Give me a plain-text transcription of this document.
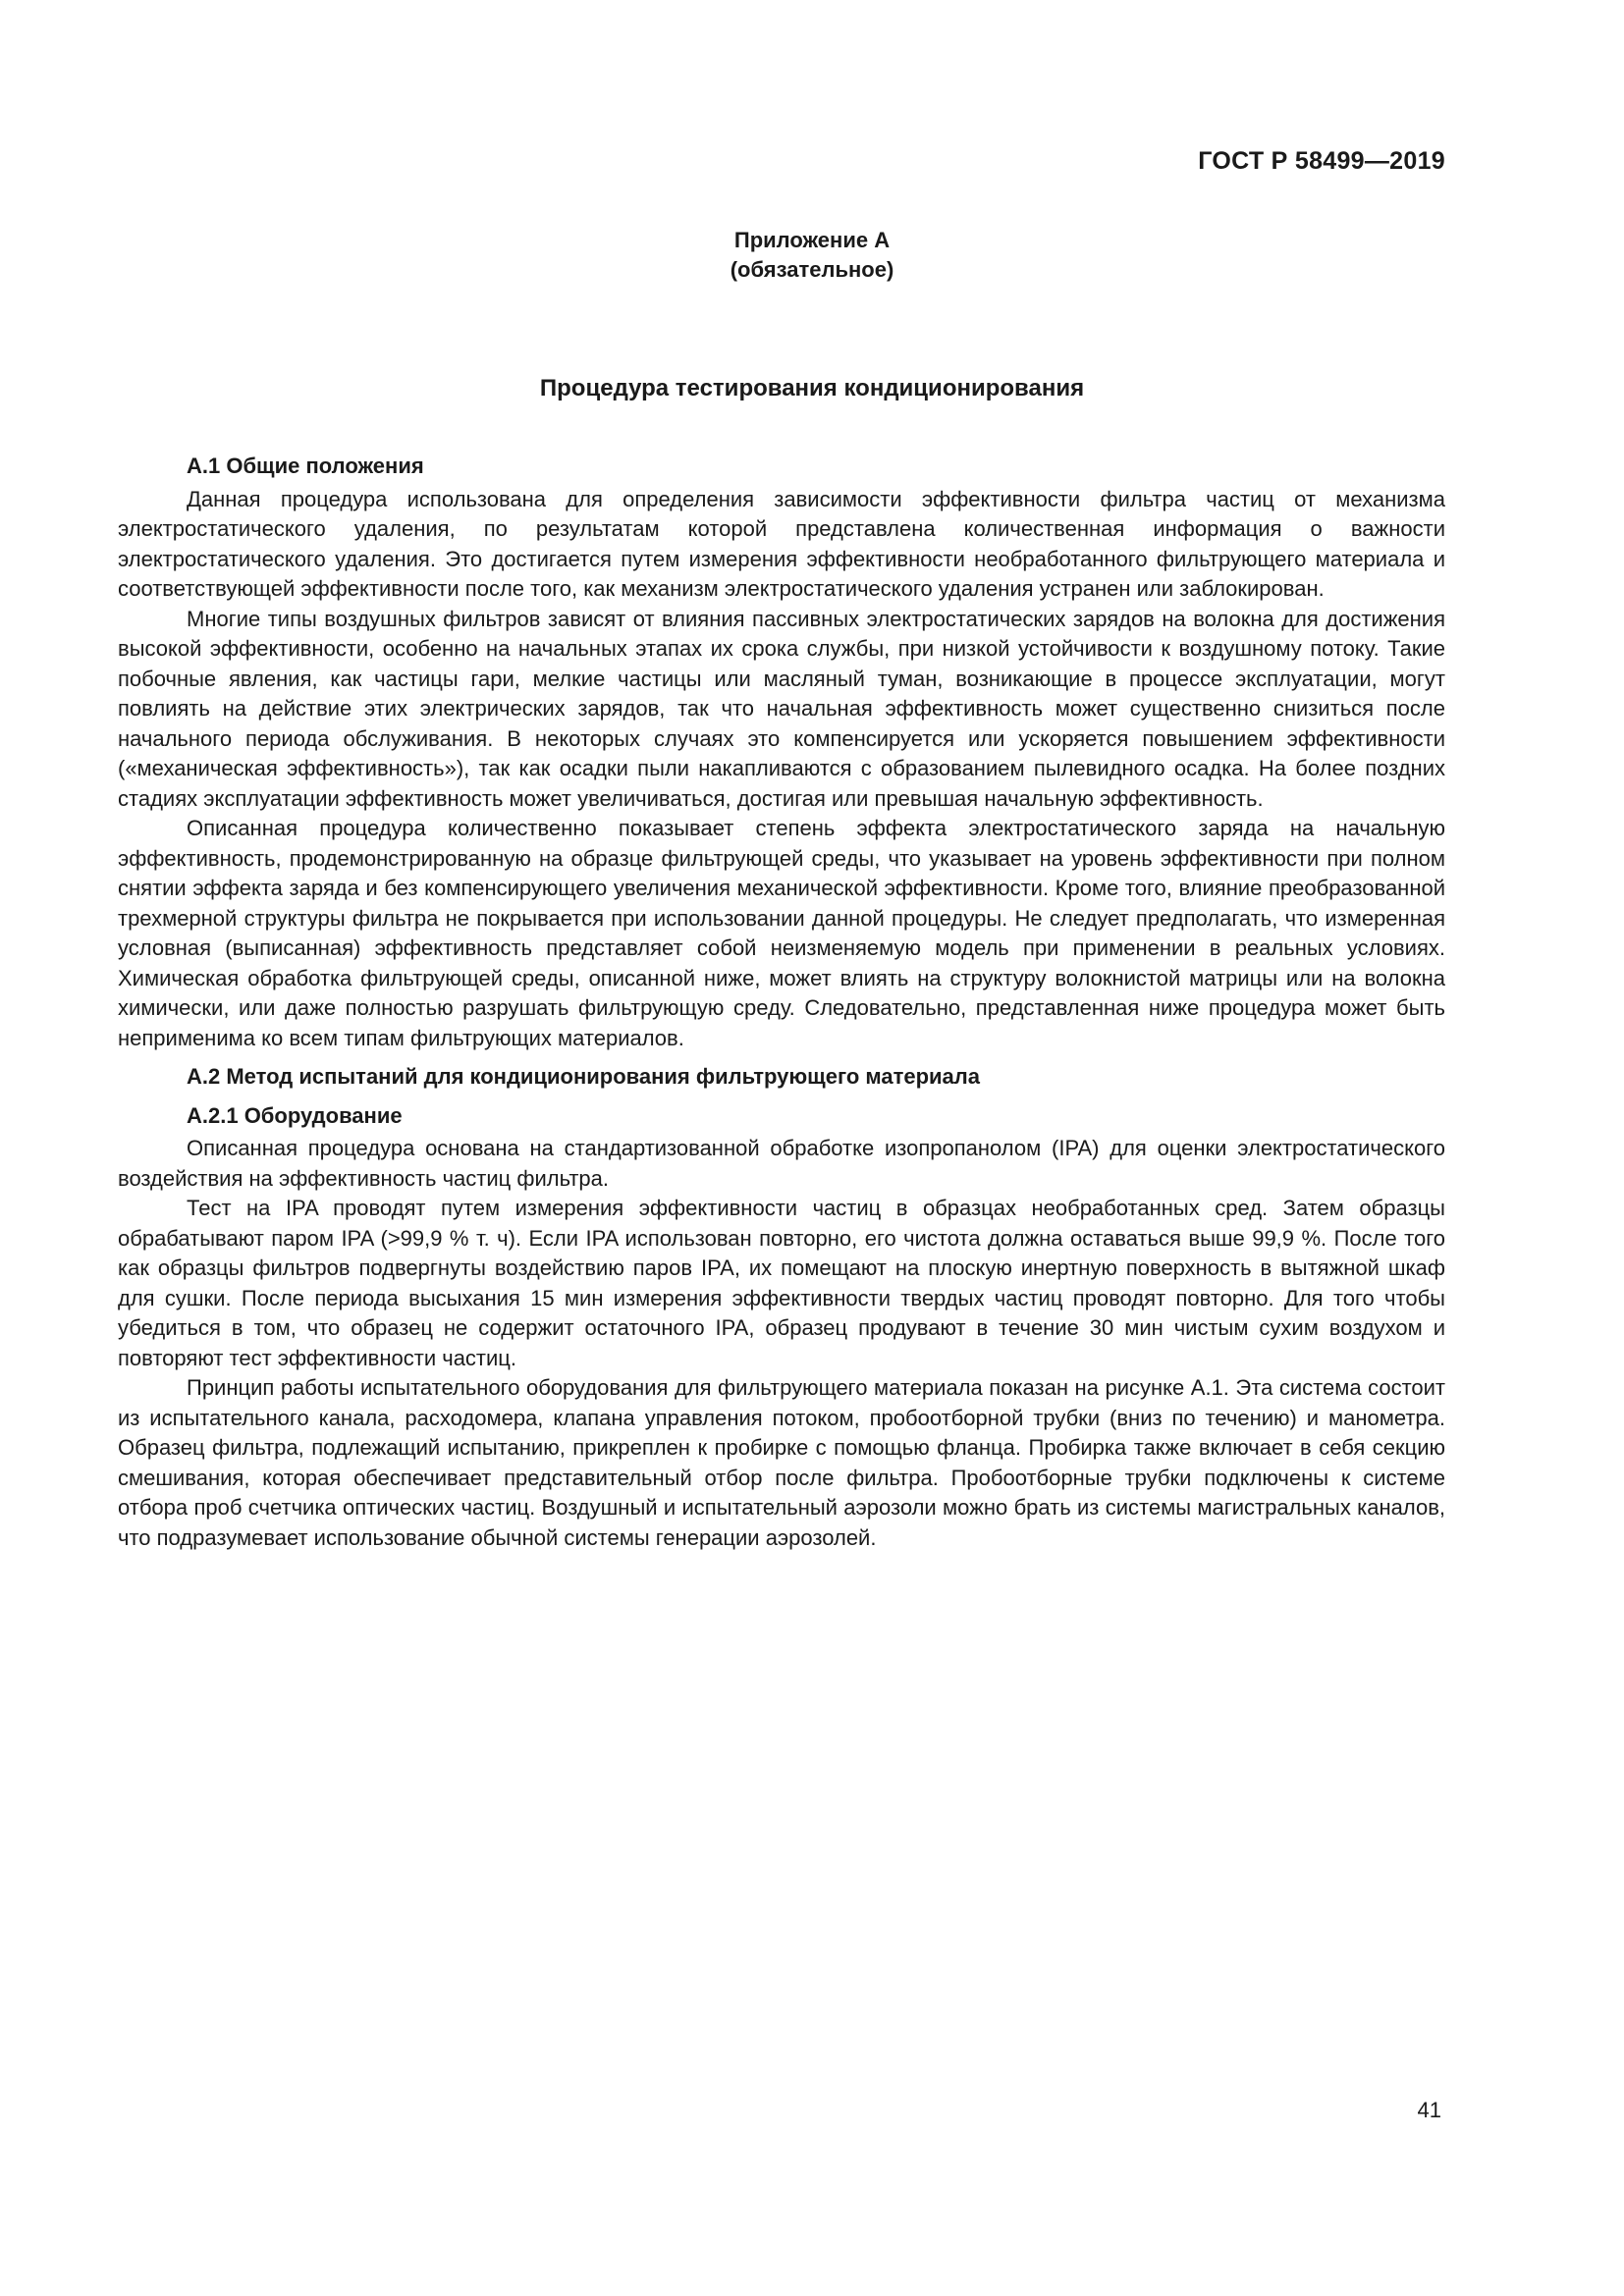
ГОСТ Р 58499—2019
Приложение А
(обязательное)
Процедура тестирования кондиционирования

А.1 Общие положения

Данная процедура использована для определения зависимости эффективности фильтра частиц от механизма электростатического удаления, по результатам которой представлена количественная информация о важности электростатического удаления. Это достигается путем измерения эффективности необработанного фильтрующего материала и соответствующей эффективности после того, как механизм электростатического удаления устранен или заблокирован.

Многие типы воздушных фильтров зависят от влияния пассивных электростатических зарядов на волокна для достижения высокой эффективности, особенно на начальных этапах их срока службы, при низкой устойчивости к воздушному потоку. Такие побочные явления, как частицы гари, мелкие частицы или масляный туман, возникающие в процессе эксплуатации, могут повлиять на действие этих электрических зарядов, так что начальная эффективность может существенно снизиться после начального периода обслуживания. В некоторых случаях это компенсируется или ускоряется повышением эффективности («механическая эффективность»), так как осадки пыли накапливаются с образованием пылевидного осадка. На более поздних стадиях эксплуатации эффективность может увеличиваться, достигая или превышая начальную эффективность.

Описанная процедура количественно показывает степень эффекта электростатического заряда на начальную эффективность, продемонстрированную на образце фильтрующей среды, что указывает на уровень эффективности при полном снятии эффекта заряда и без компенсирующего увеличения механической эффективности. Кроме того, влияние преобразованной трехмерной структуры фильтра не покрывается при использовании данной процедуры. Не следует предполагать, что измеренная условная (выписанная) эффективность представляет собой неизменяемую модель при применении в реальных условиях. Химическая обработка фильтрующей среды, описанной ниже, может влиять на структуру волокнистой матрицы или на волокна химически, или даже полностью разрушать фильтрующую среду. Следовательно, представленная ниже процедура может быть неприменима ко всем типам фильтрующих материалов.

А.2 Метод испытаний для кондиционирования фильтрующего материала

А.2.1 Оборудование

Описанная процедура основана на стандартизованной обработке изопропанолом (IPA) для оценки электростатического воздействия на эффективность частиц фильтра.

Тест на IPA проводят путем измерения эффективности частиц в образцах необработанных сред. Затем образцы обрабатывают паром IPA (>99,9 % т. ч). Если IPA использован повторно, его чистота должна оставаться выше 99,9 %. После того как образцы фильтров подвергнуты воздействию паров IPA, их помещают на плоскую инертную поверхность в вытяжной шкаф для сушки. После периода высыхания 15 мин измерения эффективности твердых частиц проводят повторно. Для того чтобы убедиться в том, что образец не содержит остаточного IPA, образец продувают в течение 30 мин чистым сухим воздухом и повторяют тест эффективности частиц.

Принцип работы испытательного оборудования для фильтрующего материала показан на рисунке А.1. Эта система состоит из испытательного канала, расходомера, клапана управления потоком, пробоотборной трубки (вниз по течению) и манометра. Образец фильтра, подлежащий испытанию, прикреплен к пробирке с помощью фланца. Пробирка также включает в себя секцию смешивания, которая обеспечивает представительный отбор после фильтра. Пробоотборные трубки подключены к системе отбора проб счетчика оптических частиц. Воздушный и испытательный аэрозоли можно брать из системы магистральных каналов, что подразумевает использование обычной системы генерации аэрозолей.

41
